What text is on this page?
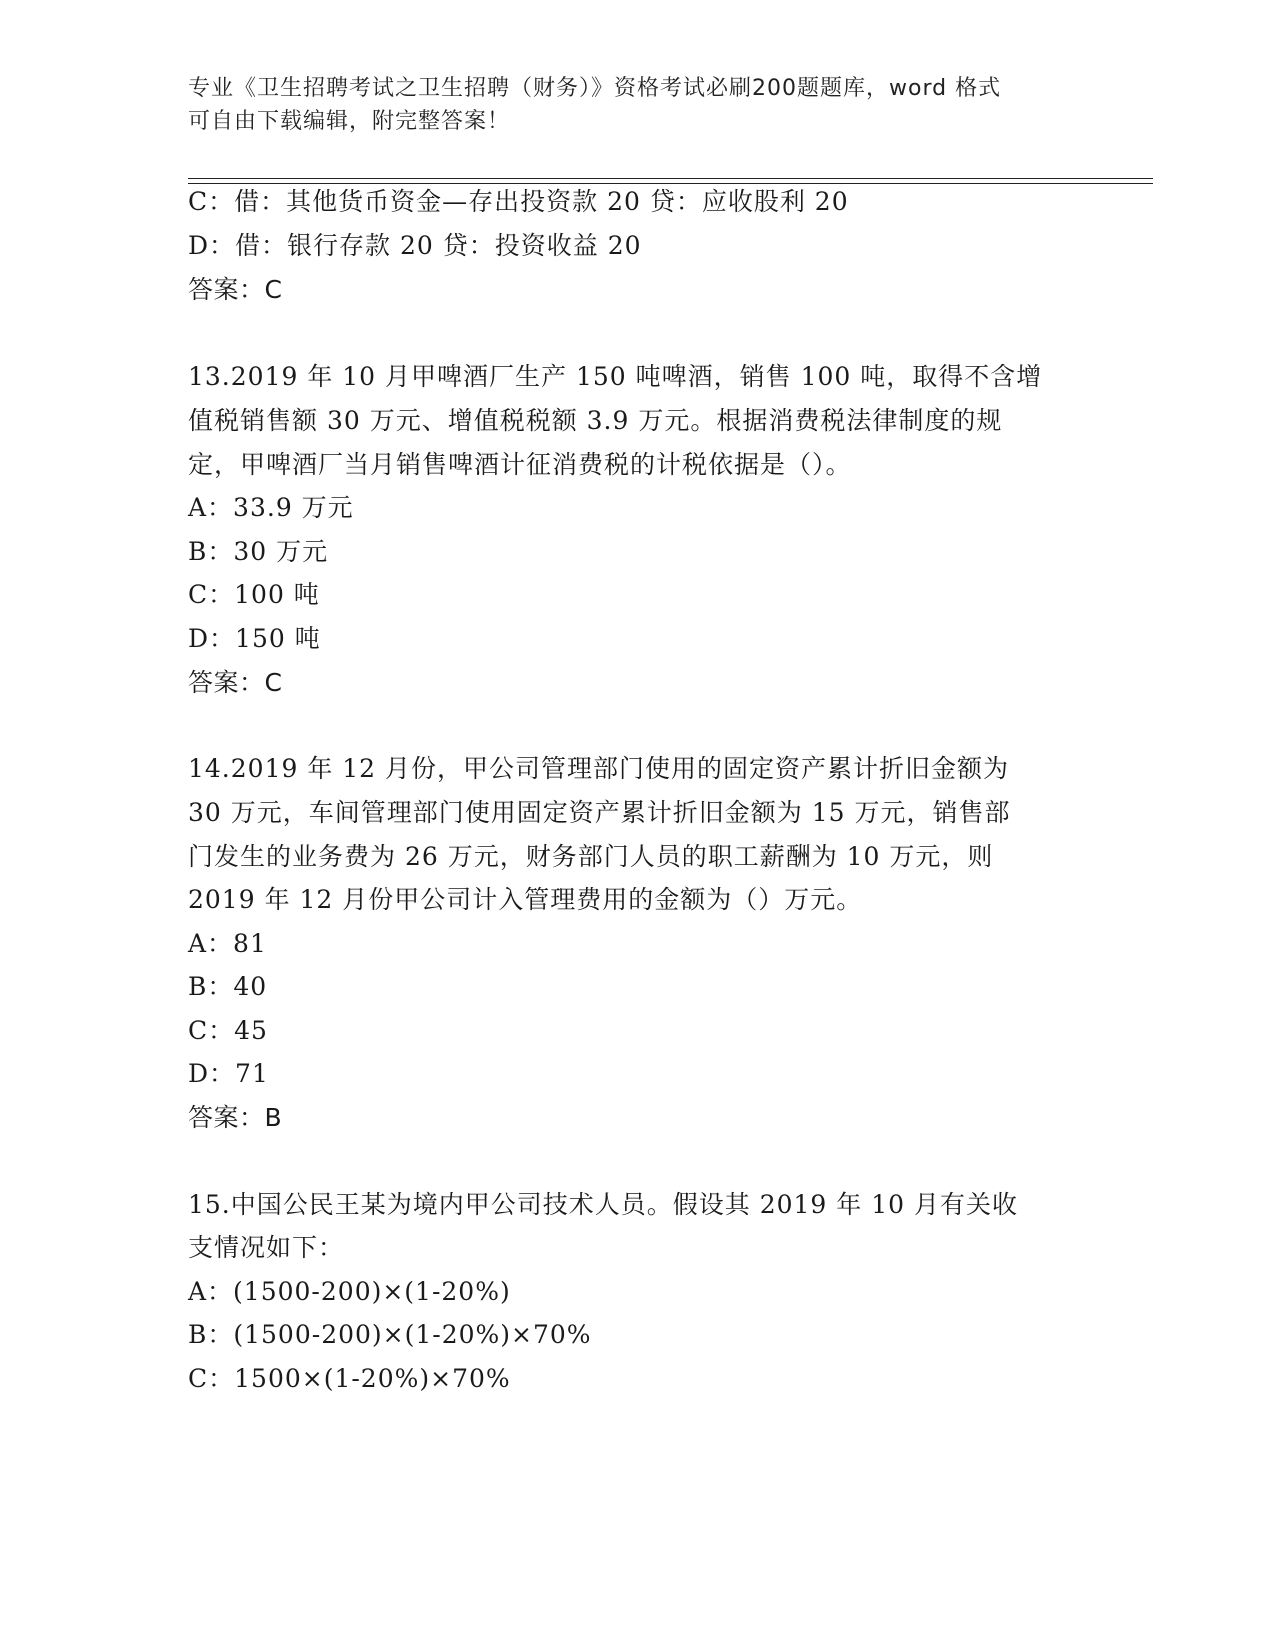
专业《卫生招聘考试之卫生招聘（财务）》资格考试必刷200题题库，word 格式
可自由下载编辑，附完整答案！
C：借：其他货币资金—存出投资款 20 贷：应收股利 20
D：借：银行存款 20 贷：投资收益 20
答案：C
13.2019 年 10 月甲啤酒厂生产 150 吨啤酒，销售 100 吨，取得不含增
值税销售额 30 万元、增值税税额 3.9 万元。根据消费税法律制度的规
定，甲啤酒厂当月销售啤酒计征消费税的计税依据是（）。
A：33.9 万元
B：30 万元
C：100 吨
D：150 吨
答案：C
14.2019 年 12 月份，甲公司管理部门使用的固定资产累计折旧金额为
30 万元，车间管理部门使用固定资产累计折旧金额为 15 万元，销售部
门发生的业务费为 26 万元，财务部门人员的职工薪酬为 10 万元，则
2019 年 12 月份甲公司计入管理费用的金额为（）万元。
A：81
B：40
C：45
D：71
答案：B
15.中国公民王某为境内甲公司技术人员。假设其 2019 年 10 月有关收
支情况如下：
A：(1500-200)×(1-20%)
B：(1500-200)×(1-20%)×70%
C：1500×(1-20%)×70%
